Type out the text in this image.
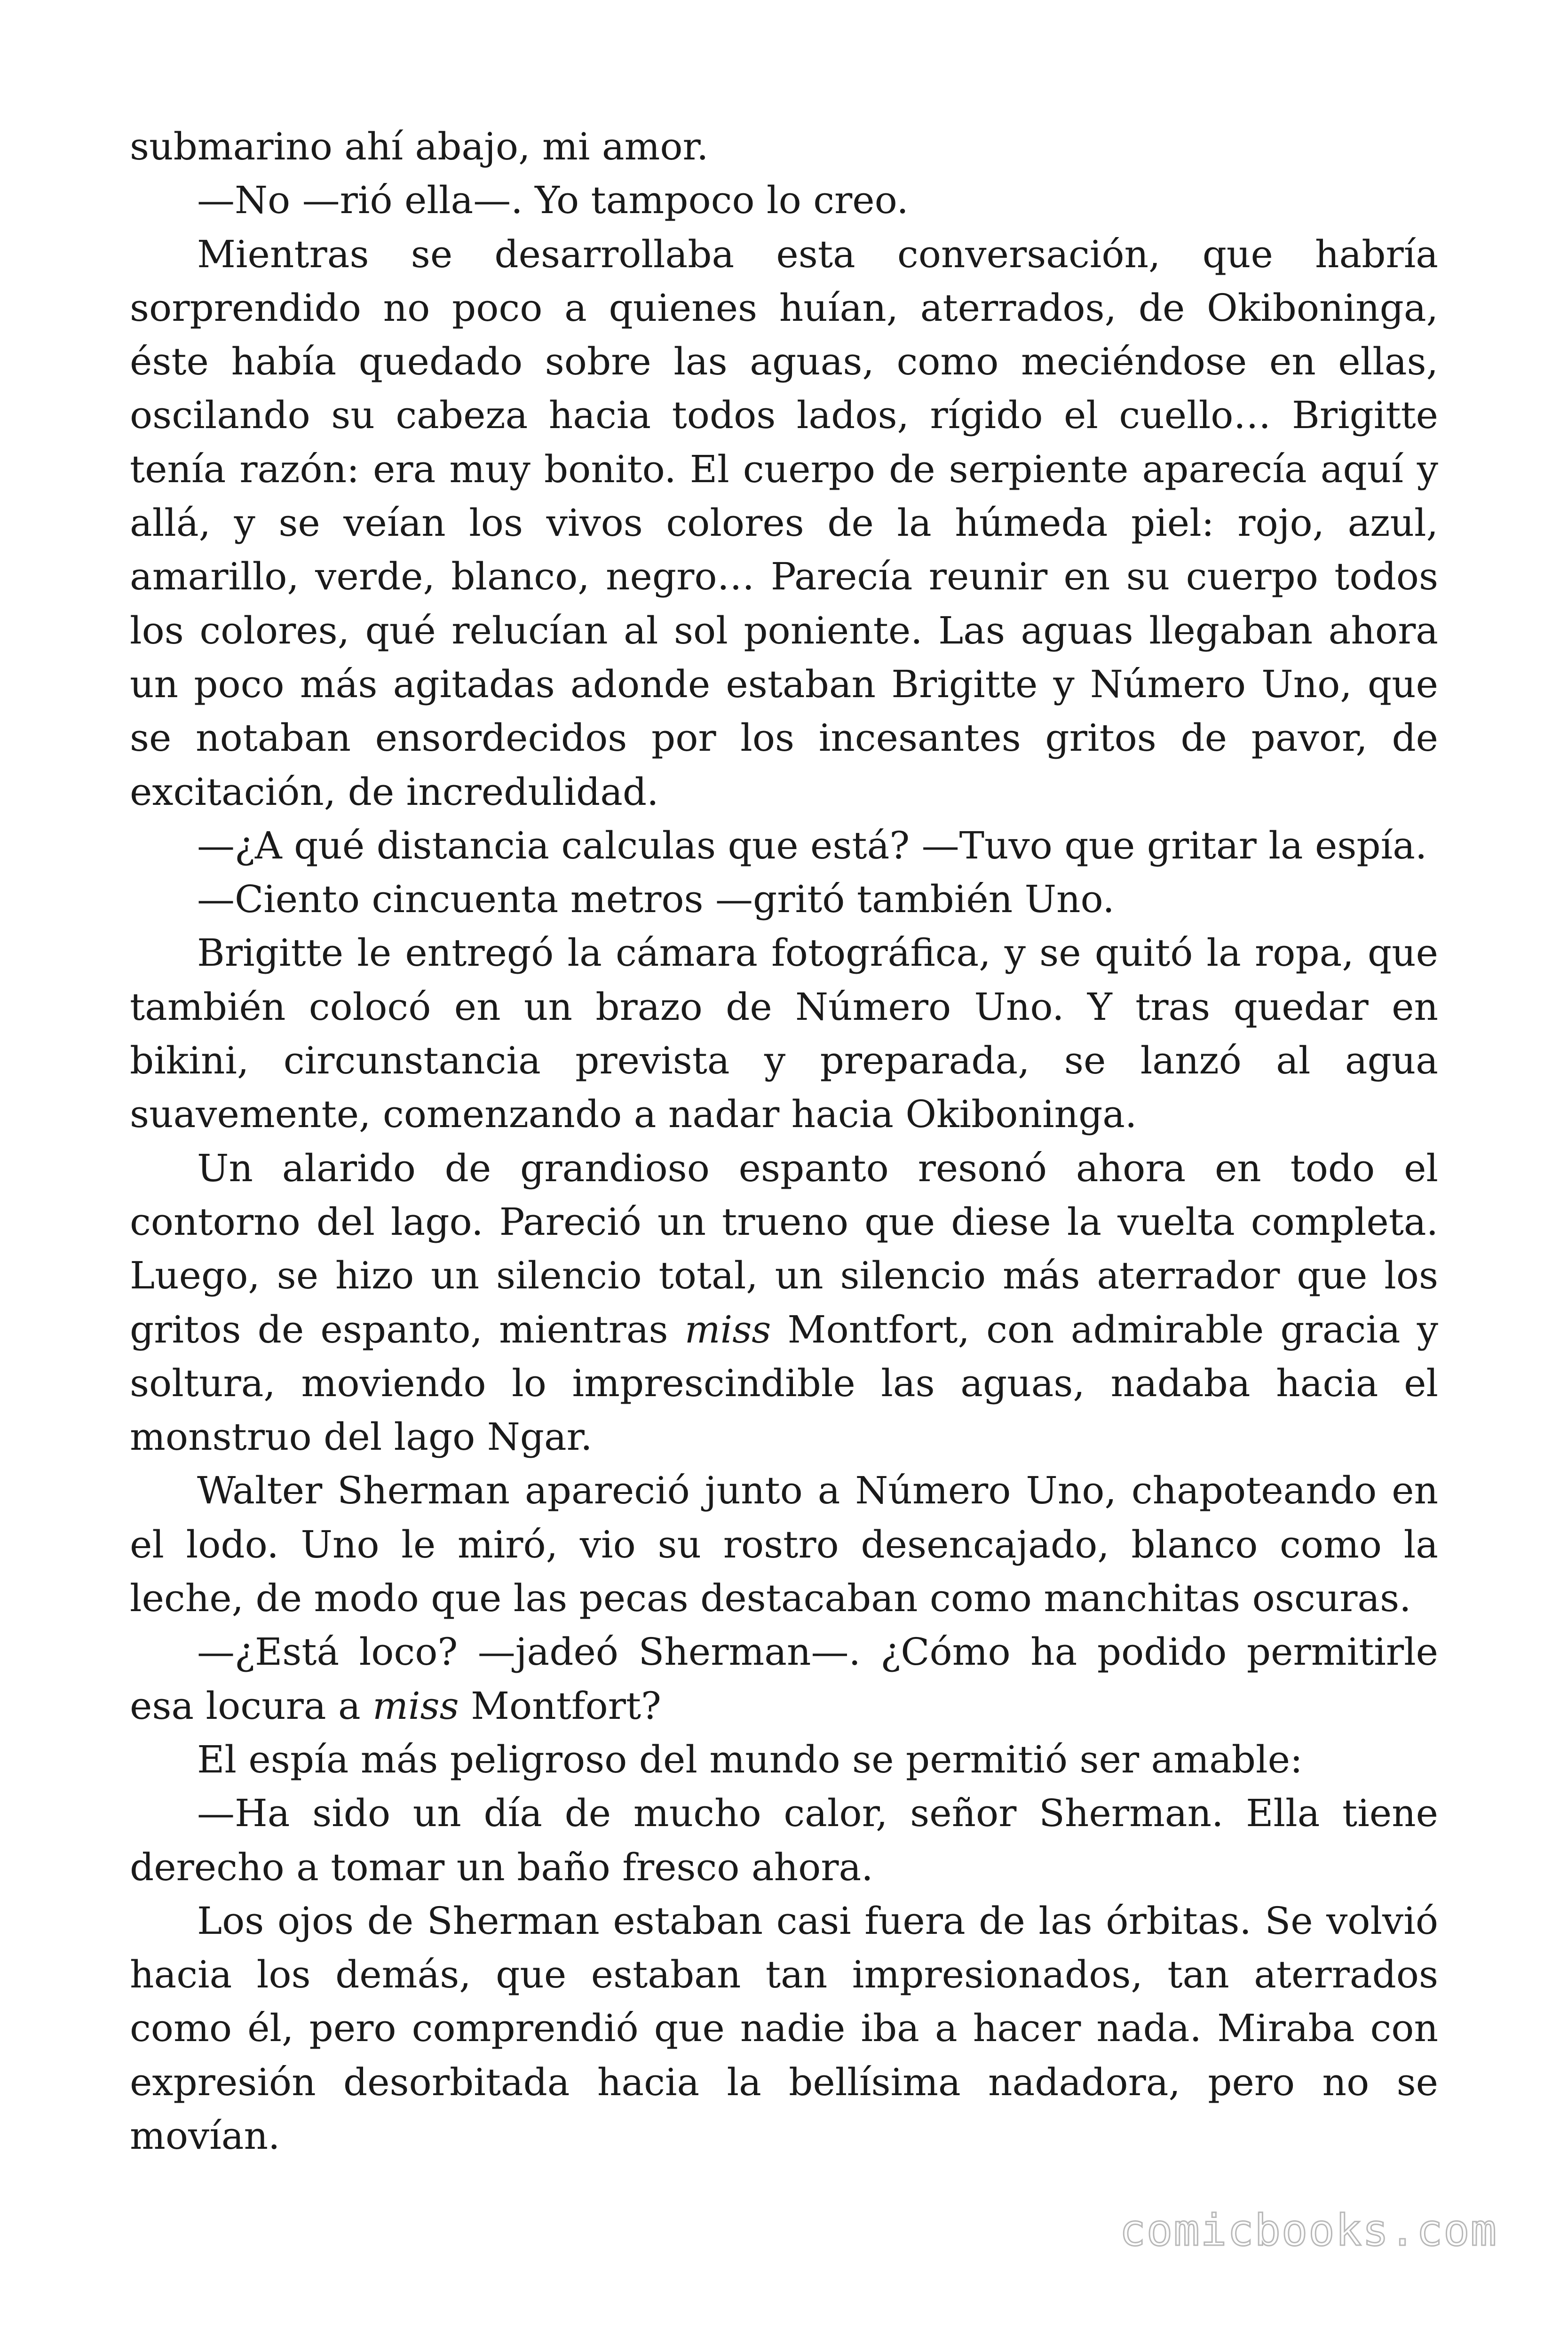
submarino ahí abajo, mi amor.

—No —rió ella—. Yo tampoco lo creo.

Mientras se desarrollaba esta conversación, que habría sorprendido no poco a quienes huían, aterrados, de Okiboninga, éste había quedado sobre las aguas, como meciéndose en ellas, oscilando su cabeza hacia todos lados, rígido el cuello… Brigitte tenía razón: era muy bonito. El cuerpo de serpiente aparecía aquí y allá, y se veían los vivos colores de la húmeda piel: rojo, azul, amarillo, verde, blanco, negro… Parecía reunir en su cuerpo todos los colores, qué relucían al sol poniente. Las aguas llegaban ahora un poco más agitadas adonde estaban Brigitte y Número Uno, que se notaban ensordecidos por los incesantes gritos de pavor, de excitación, de incredulidad.

—¿A qué distancia calculas que está? —Tuvo que gritar la espía.

—Ciento cincuenta metros —gritó también Uno.

Brigitte le entregó la cámara fotográfica, y se quitó la ropa, que también colocó en un brazo de Número Uno. Y tras quedar en bikini, circunstancia prevista y preparada, se lanzó al agua suavemente, comenzando a nadar hacia Okiboninga.

Un alarido de grandioso espanto resonó ahora en todo el contorno del lago. Pareció un trueno que diese la vuelta completa. Luego, se hizo un silencio total, un silencio más aterrador que los gritos de espanto, mientras miss Montfort, con admirable gracia y soltura, moviendo lo imprescindible las aguas, nadaba hacia el monstruo del lago Ngar.

Walter Sherman apareció junto a Número Uno, chapoteando en el lodo. Uno le miró, vio su rostro desencajado, blanco como la leche, de modo que las pecas destacaban como manchitas oscuras.

—¿Está loco? —jadeó Sherman—. ¿Cómo ha podido permitirle esa locura a miss Montfort?

El espía más peligroso del mundo se permitió ser amable:

—Ha sido un día de mucho calor, señor Sherman. Ella tiene derecho a tomar un baño fresco ahora.

Los ojos de Sherman estaban casi fuera de las órbitas. Se volvió hacia los demás, que estaban tan impresionados, tan aterrados como él, pero comprendió que nadie iba a hacer nada. Miraba con expresión desorbitada hacia la bellísima nadadora, pero no se movían.

comicbooks.com
